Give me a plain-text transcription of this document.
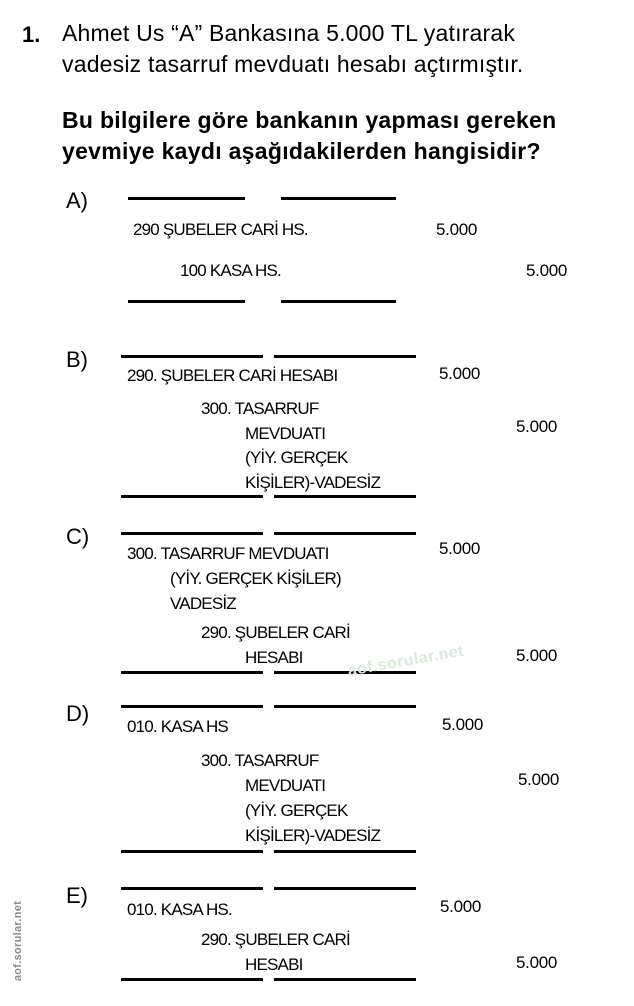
1. Ahmet Us “A” Bankasına 5.000 TL yatırarak
vadesiz tasarruf mevduatı hesabı açtırmıştır.
Bu bilgilere göre bankanın yapması gereken
yevmiye kaydı aşağıdakilerden hangisidir?
A)
290 ŞUBELER CARİ HS.	5.000
100 KASA HS.	5.000
B)
290. ŞUBELER CARİ HESABI	5.000
300. TASARRUF
MEVDUATI
(YİY. GERÇEK
KİŞİLER)-VADESİZ
5.000
C)
300. TASARRUF MEVDUATI
(YİY. GERÇEK KİŞİLER)
VADESİZ
5.000
290. ŞUBELER CARİ
HESABI	5.000
aof.sorular.net
D)
010. KASA HS	5.000
300. TASARRUF
MEVDUATI
(YİY. GERÇEK
KİŞİLER)-VADESİZ
5.000
E)
010. KASA HS.	5.000
290. ŞUBELER CARİ
HESABI	5.000
aof.sorular.net
